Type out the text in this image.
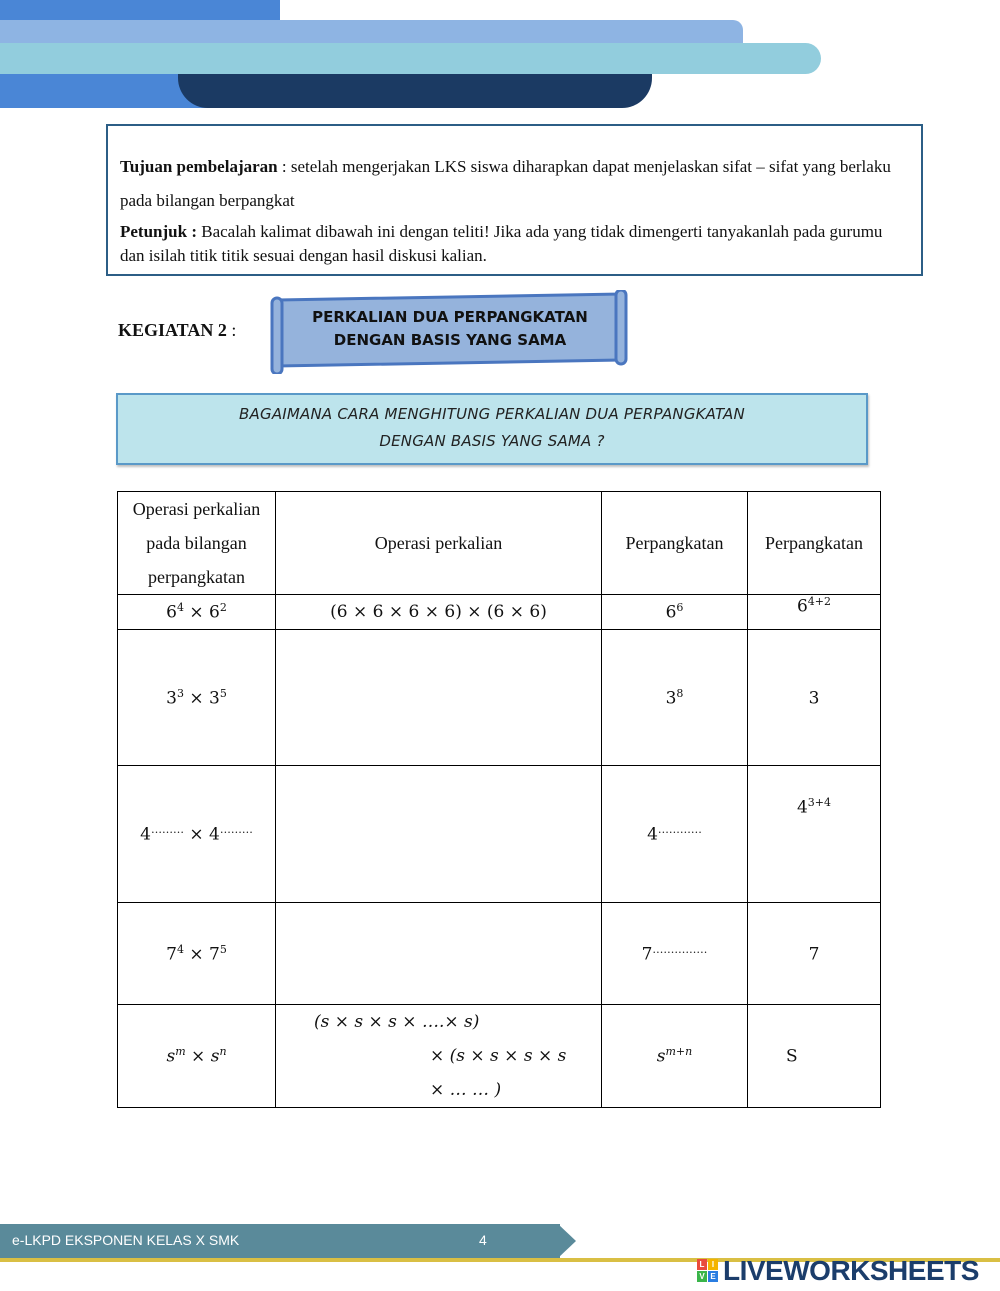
Tujuan pembelajaran : setelah mengerjakan LKS siswa diharapkan dapat menjelaskan sifat – sifat yang berlaku pada bilangan berpangkat

Petunjuk : Bacalah kalimat dibawah ini dengan teliti! Jika ada yang tidak dimengerti tanyakanlah pada gurumu dan isilah titik titik sesuai dengan hasil diskusi kalian.

KEGIATAN 2 :
PERKALIAN DUA PERPANGKATAN
DENGAN BASIS YANG SAMA
BAGAIMANA CARA MENGHITUNG PERKALIAN DUA PERPANGKATAN
DENGAN BASIS YANG SAMA ?
Operasi perkalian pada bilangan perpangkatan	Operasi perkalian	Perpangkatan	Perpangkatan
$6^4 \times 6^2$	(6 × 6 × 6 × 6) × (6 × 6)	$6^6$	$6^{4+2}$
$3^3 \times 3^5$		$3^8$	3
4……… × 4………		4…………	$4^{3+4}$
$7^4 \times 7^5$		7……………	7
$s^m \times s^n$	(s × s × s × ….× s)
× (s × s × s × s
× … … )	$s^{m+n}$	S
e-LKPD EKSPONEN KELAS X SMK	4
L I
V E LIVEWORKSHEETS
